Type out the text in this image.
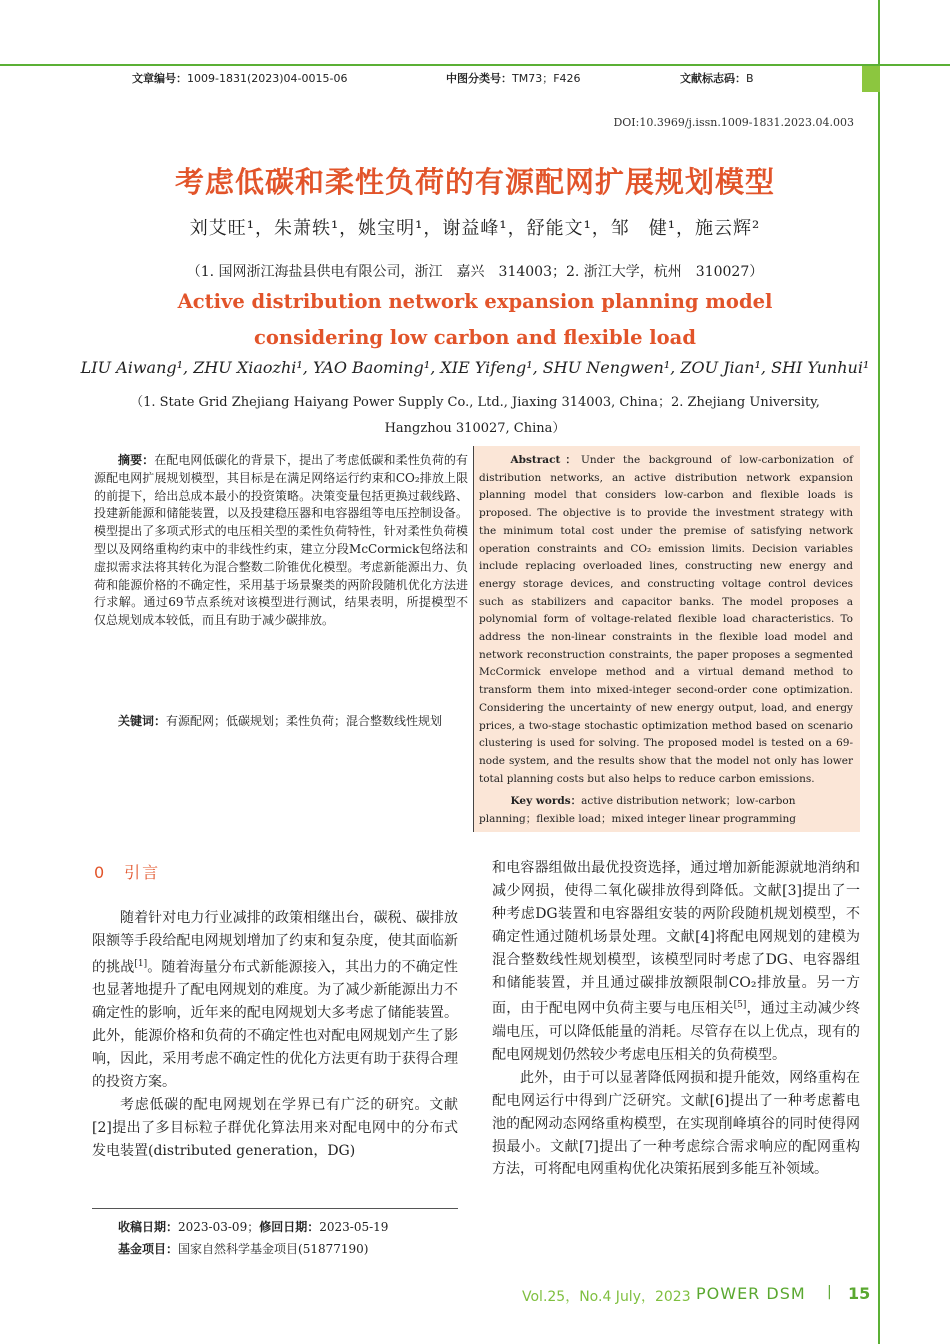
文章编号：1009-1831(2023)04-0015-06	中图分类号：TM73；F426	文献标志码：B
DOI:10.3969/j.issn.1009-1831.2023.04.003
考虑低碳和柔性负荷的有源配网扩展规划模型
刘艾旺¹，朱萧轶¹，姚宝明¹，谢益峰¹，舒能文¹，邹　健¹，施云辉²
（1. 国网浙江海盐县供电有限公司，浙江　嘉兴　314003；2. 浙江大学，杭州　310027）
Active distribution network expansion planning model considering low carbon and flexible load
LIU Aiwang¹, ZHU Xiaozhi¹, YAO Baoming¹, XIE Yifeng¹, SHU Nengwen¹, ZOU Jian¹, SHI Yunhui¹
（1. State Grid Zhejiang Haiyang Power Supply Co., Ltd., Jiaxing 314003, China；2. Zhejiang University, Hangzhou 310027, China）
摘要：在配电网低碳化的背景下，提出了考虑低碳和柔性负荷的有源配电网扩展规划模型，其目标是在满足网络运行约束和CO₂排放上限的前提下，给出总成本最小的投资策略。决策变量包括更换过载线路、投建新能源和储能装置，以及投建稳压器和电容器组等电压控制设备。模型提出了多项式形式的电压相关型的柔性负荷特性，针对柔性负荷模型以及网络重构约束中的非线性约束，建立分段McCormick包络法和虚拟需求法将其转化为混合整数二阶锥优化模型。考虑新能源出力、负荷和能源价格的不确定性，采用基于场景聚类的两阶段随机优化方法进行求解。通过69节点系统对该模型进行测试，结果表明，所提模型不仅总规划成本较低，而且有助于减少碳排放。
关键词：有源配网；低碳规划；柔性负荷；混合整数线性规划
Abstract：Under the background of low-carbonization of distribution networks, an active distribution network expansion planning model that considers low-carbon and flexible loads is proposed. The objective is to provide the investment strategy with the minimum total cost under the premise of satisfying network operation constraints and CO₂ emission limits. Decision variables include replacing overloaded lines, constructing new energy and energy storage devices, and constructing voltage control devices such as stabilizers and capacitor banks. The model proposes a polynomial form of voltage-related flexible load characteristics. To address the non-linear constraints in the flexible load model and network reconstruction constraints, the paper proposes a segmented McCormick envelope method and a virtual demand method to transform them into mixed-integer second-order cone optimization. Considering the uncertainty of new energy output, load, and energy prices, a two-stage stochastic optimization method based on scenario clustering is used for solving. The proposed model is tested on a 69-node system, and the results show that the model not only has lower total planning costs but also helps to reduce carbon emissions.
Key words：active distribution network；low-carbon planning；flexible load；mixed integer linear programming
0　引言

随着针对电力行业减排的政策相继出台，碳税、碳排放限额等手段给配电网规划增加了约束和复杂度，使其面临新的挑战[1]。随着海量分布式新能源接入，其出力的不确定性也显著地提升了配电网规划的难度。为了减少新能源出力不确定性的影响，近年来的配电网规划大多考虑了储能装置。此外，能源价格和负荷的不确定性也对配电网规划产生了影响，因此，采用考虑不确定性的优化方法更有助于获得合理的投资方案。

考虑低碳的配电网规划在学界已有广泛的研究。文献[2]提出了多目标粒子群优化算法用来对配电网中的分布式发电装置(distributed generation，DG)

和电容器组做出最优投资选择，通过增加新能源就地消纳和减少网损，使得二氧化碳排放得到降低。文献[3]提出了一种考虑DG装置和电容器组安装的两阶段随机规划模型，不确定性通过随机场景处理。文献[4]将配电网规划的建模为混合整数线性规划模型，该模型同时考虑了DG、电容器组和储能装置，并且通过碳排放额限制CO₂排放量。另一方面，由于配电网中负荷主要与电压相关[5]，通过主动减少终端电压，可以降低能量的消耗。尽管存在以上优点，现有的配电网规划仍然较少考虑电压相关的负荷模型。

此外，由于可以显著降低网损和提升能效，网络重构在配电网运行中得到广泛研究。文献[6]提出了一种考虑蓄电池的配网动态网络重构模型，在实现削峰填谷的同时使得网损最小。文献[7]提出了一种考虑综合需求响应的配网重构方法，可将配电网重构优化决策拓展到多能互补领域。

收稿日期：2023-03-09；修回日期：2023-05-19
基金项目：国家自然科学基金项目(51877190)
Vol.25，No.4 July，2023 POWER DSM | 15
